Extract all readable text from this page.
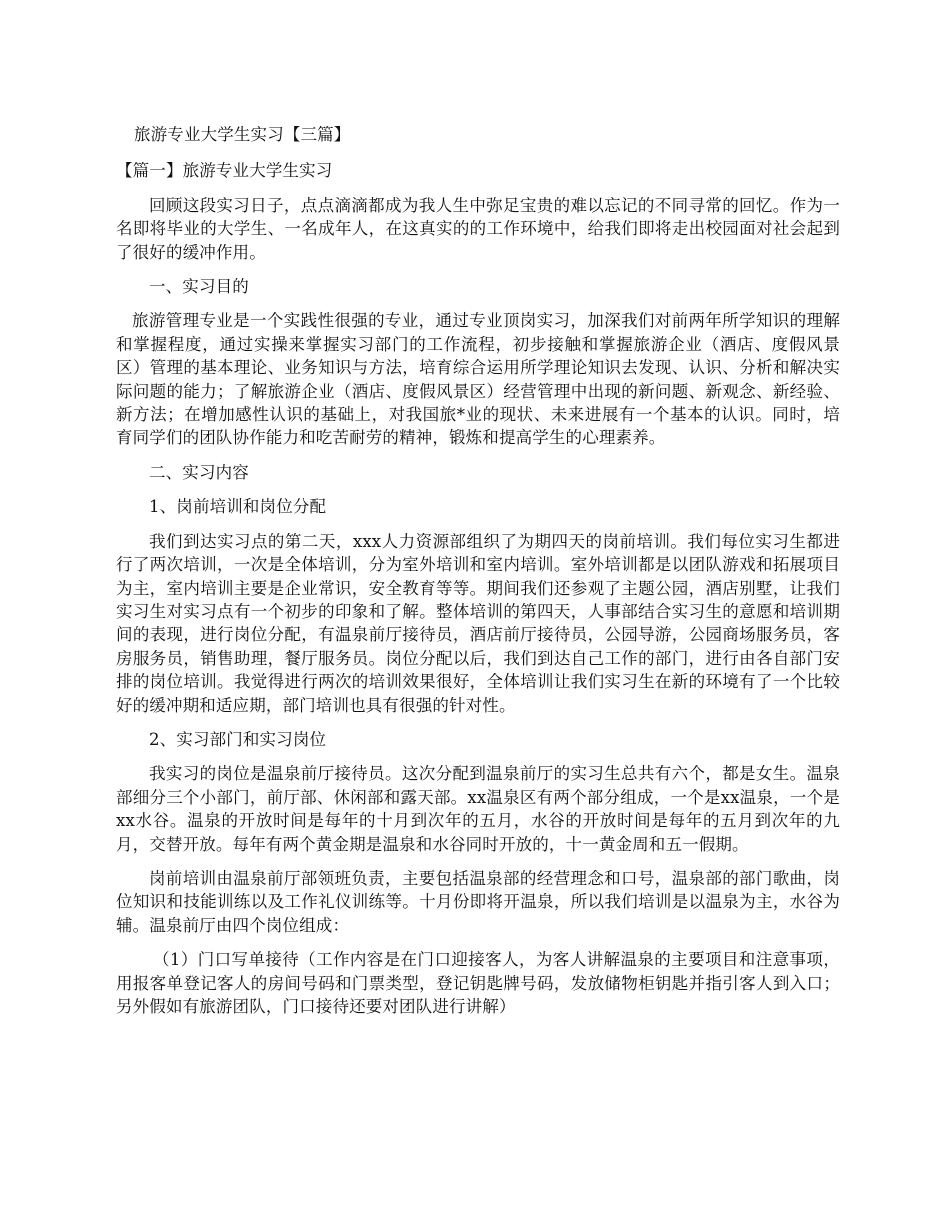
旅游专业大学生实习【三篇】

【篇一】旅游专业大学生实习

回顾这段实习日子，点点滴滴都成为我人生中弥足宝贵的难以忘记的不同寻常的回忆。作为一名即将毕业的大学生、一名成年人，在这真实的的工作环境中，给我们即将走出校园面对社会起到了很好的缓冲作用。

一、实习目的

旅游管理专业是一个实践性很强的专业，通过专业顶岗实习，加深我们对前两年所学知识的理解和掌握程度，通过实操来掌握实习部门的工作流程，初步接触和掌握旅游企业（酒店、度假风景区）管理的基本理论、业务知识与方法，培育综合运用所学理论知识去发现、认识、分析和解决实际问题的能力；了解旅游企业（酒店、度假风景区）经营管理中出现的新问题、新观念、新经验、新方法；在增加感性认识的基础上，对我国旅*业的现状、未来进展有一个基本的认识。同时，培育同学们的团队协作能力和吃苦耐劳的精神，锻炼和提高学生的心理素养。

二、实习内容

1、岗前培训和岗位分配

我们到达实习点的第二天，xxx人力资源部组织了为期四天的岗前培训。我们每位实习生都进行了两次培训，一次是全体培训，分为室外培训和室内培训。室外培训都是以团队游戏和拓展项目为主，室内培训主要是企业常识，安全教育等等。期间我们还参观了主题公园，酒店别墅，让我们实习生对实习点有一个初步的印象和了解。整体培训的第四天，人事部结合实习生的意愿和培训期间的表现，进行岗位分配，有温泉前厅接待员，酒店前厅接待员，公园导游，公园商场服务员，客房服务员，销售助理，餐厅服务员。岗位分配以后，我们到达自己工作的部门，进行由各自部门安排的岗位培训。我觉得进行两次的培训效果很好，全体培训让我们实习生在新的环境有了一个比较好的缓冲期和适应期，部门培训也具有很强的针对性。

2、实习部门和实习岗位

我实习的岗位是温泉前厅接待员。这次分配到温泉前厅的实习生总共有六个，都是女生。温泉部细分三个小部门，前厅部、休闲部和露天部。xx温泉区有两个部分组成，一个是xx温泉，一个是xx水谷。温泉的开放时间是每年的十月到次年的五月，水谷的开放时间是每年的五月到次年的九月，交替开放。每年有两个黄金期是温泉和水谷同时开放的，十一黄金周和五一假期。

岗前培训由温泉前厅部领班负责，主要包括温泉部的经营理念和口号，温泉部的部门歌曲，岗位知识和技能训练以及工作礼仪训练等。十月份即将开温泉，所以我们培训是以温泉为主，水谷为辅。温泉前厅由四个岗位组成：

（1）门口写单接待（工作内容是在门口迎接客人，为客人讲解温泉的主要项目和注意事项，用报客单登记客人的房间号码和门票类型，登记钥匙牌号码，发放储物柜钥匙并指引客人到入口；另外假如有旅游团队，门口接待还要对团队进行讲解）
